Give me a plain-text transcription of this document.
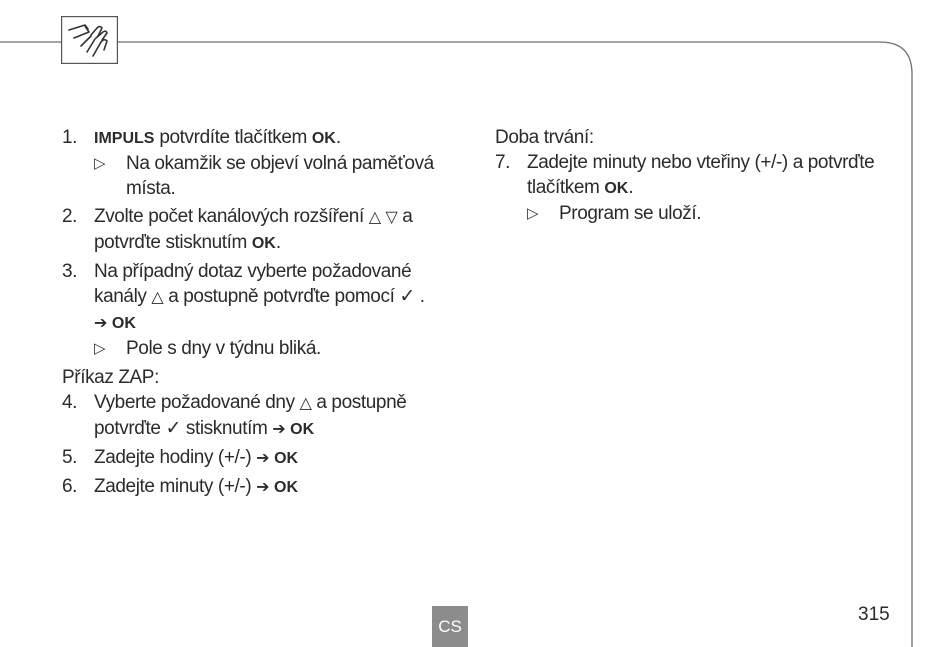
1. IMPULS potvrdíte tlačítkem OK.
▷ Na okamžik se objeví volná paměťová místa.
2. Zvolte počet kanálových rozšíření △ ▽ a potvrďte stisknutím OK.
3. Na případný dotaz vyberte požadované kanály △ a postupně potvrďte pomocí ✓ .
➔ OK
▷ Pole s dny v týdnu bliká.
Příkaz ZAP:
4. Vyberte požadované dny △ a postupně potvrďte ✓ stisknutím ➔ OK
5. Zadejte hodiny (+/-) ➔ OK
6. Zadejte minuty (+/-) ➔ OK
Doba trvání:
7. Zadejte minuty nebo vteřiny (+/-) a potvrďte tlačítkem OK.
▷ Program se uloží.
CS
315
